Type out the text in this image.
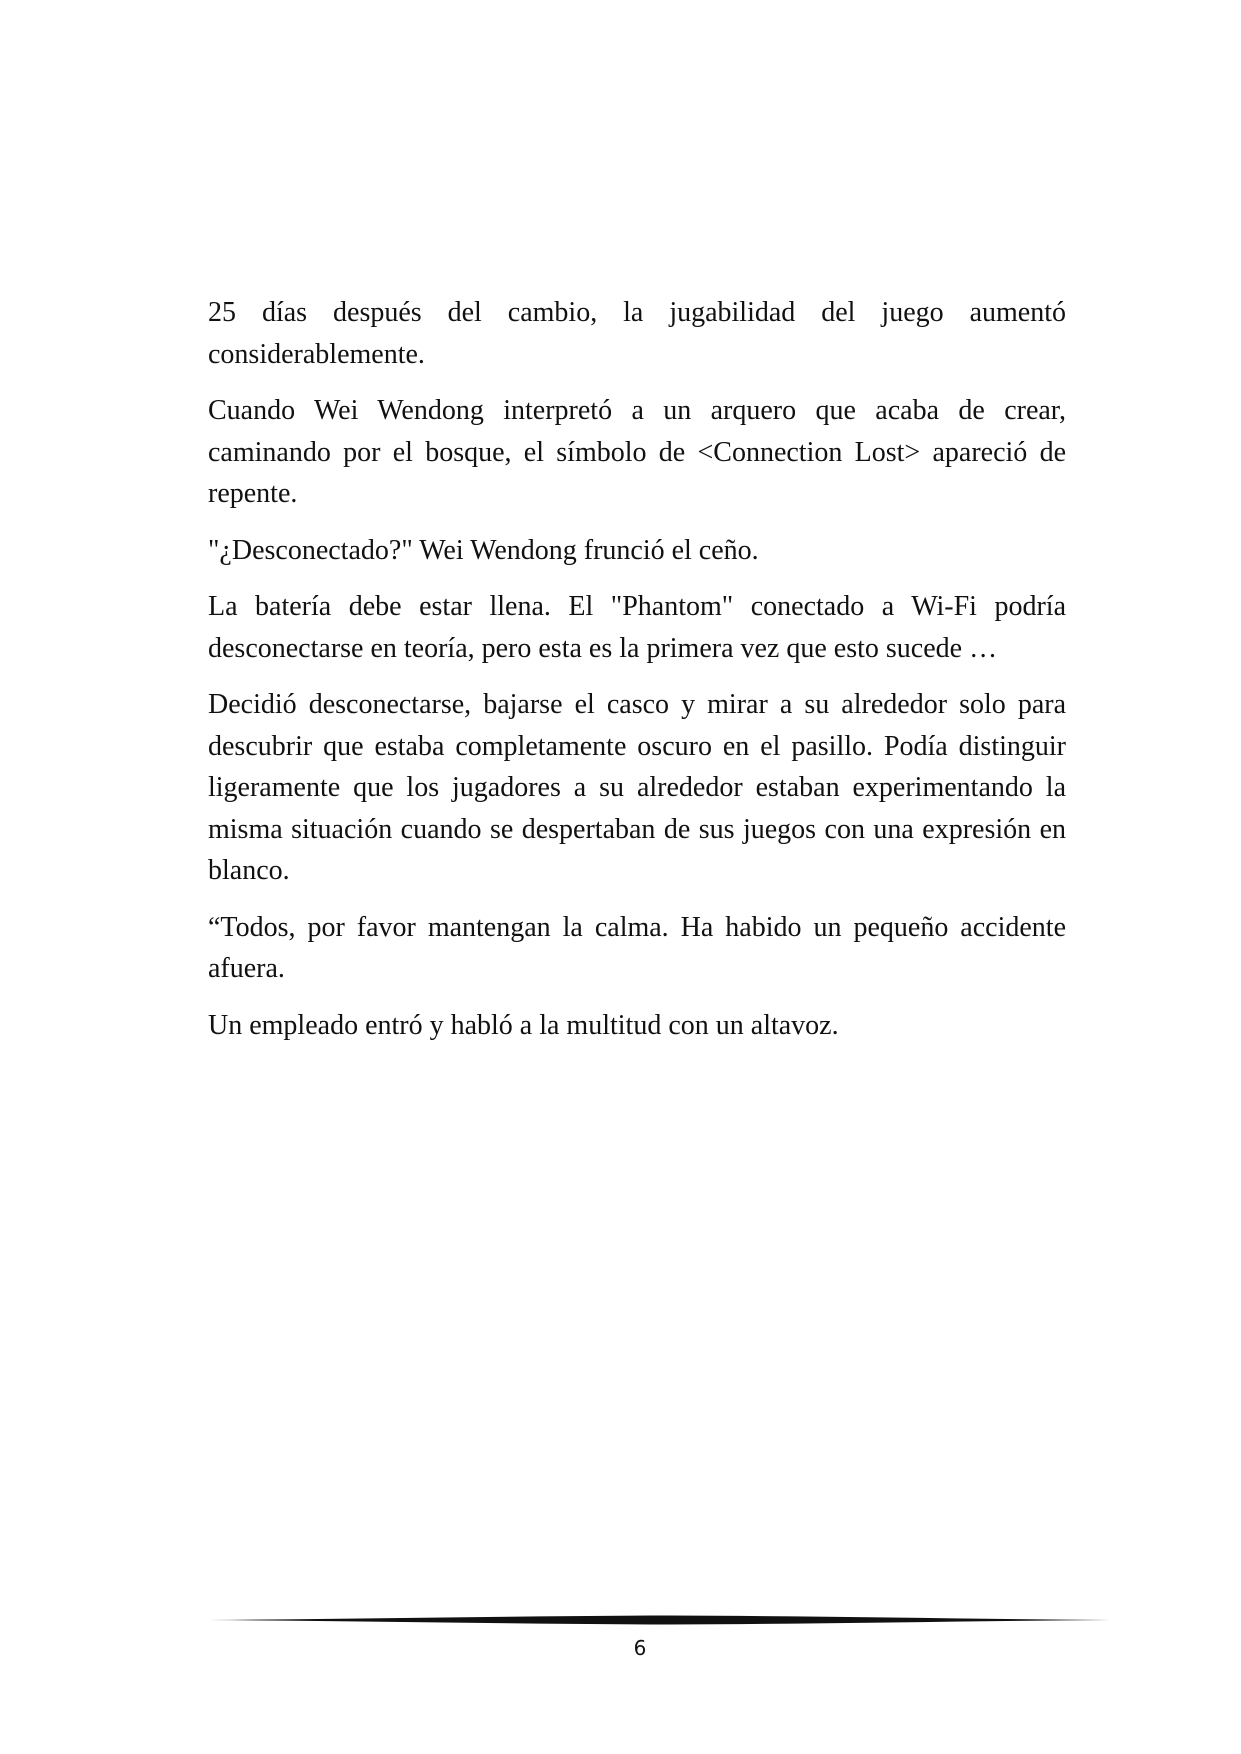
25 días después del cambio, la jugabilidad del juego aumentó considerablemente.

Cuando Wei Wendong interpretó a un arquero que acaba de crear, caminando por el bosque, el símbolo de <Connection Lost> apareció de repente.

"¿Desconectado?" Wei Wendong frunció el ceño.

La batería debe estar llena. El "Phantom" conectado a Wi-Fi podría desconectarse en teoría, pero esta es la primera vez que esto sucede …

Decidió desconectarse, bajarse el casco y mirar a su alrededor solo para descubrir que estaba completamente oscuro en el pasillo. Podía distinguir ligeramente que los jugadores a su alrededor estaban experimentando la misma situación cuando se despertaban de sus juegos con una expresión en blanco.

“Todos, por favor mantengan la calma. Ha habido un pequeño accidente afuera.

Un empleado entró y habló a la multitud con un altavoz.

6
